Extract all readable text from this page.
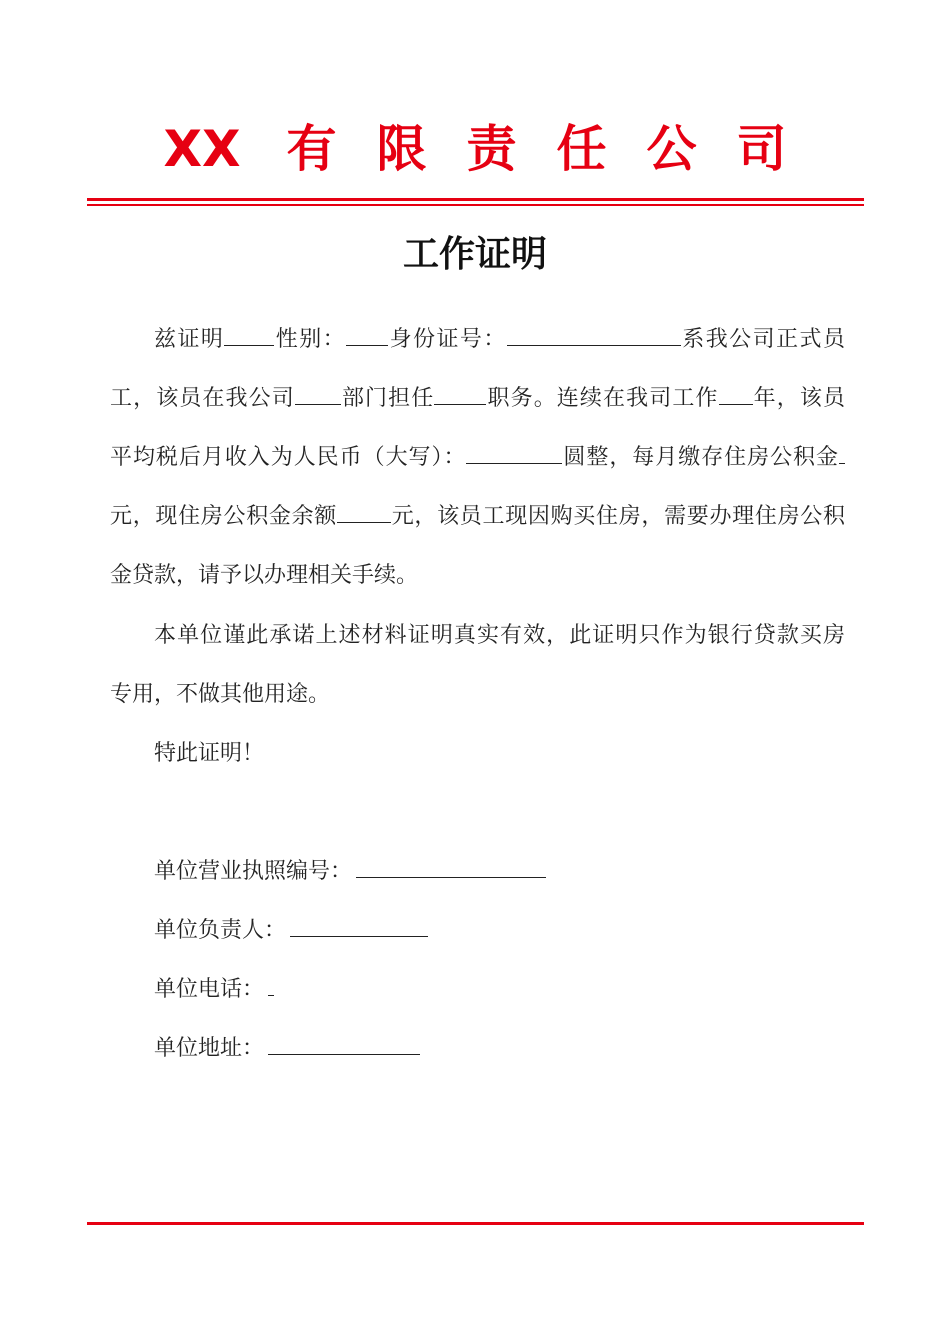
XX 有 限 责 任 公 司
工作证明
兹证明 性别： 身份证号：	系我公司正式员
工，该员在我公司 部门担任 职务。连续在我司工作 年，该员
平均税后月收入为人民币（大写）：	圆整，每月缴存住房公积金
元，现住房公积金余额 元，该员工现因购买住房，需要办理住房公积
金贷款，请予以办理相关手续。
本单位谨此承诺上述材料证明真实有效，此证明只作为银行贷款买房
专用，不做其他用途。
特此证明！
单位营业执照编号：
单位负责人：
单位电话：
单位地址：
